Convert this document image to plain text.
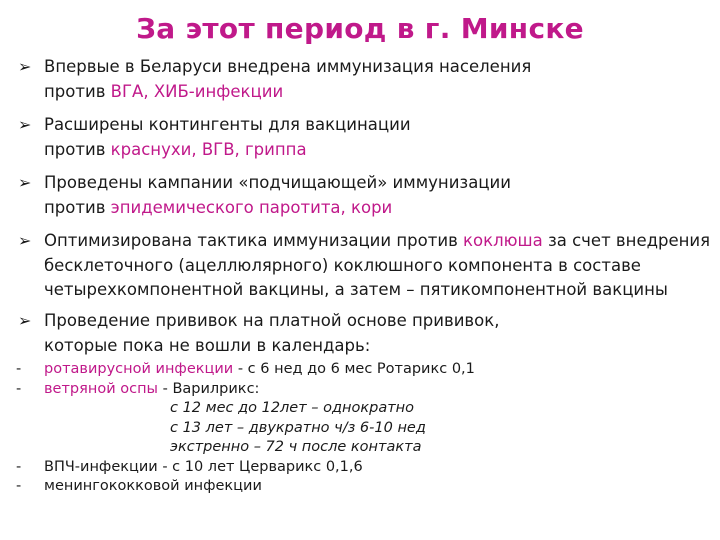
За этот период в г. Минске
➢ Впервые в Беларуси внедрена иммунизация населения
против ВГА, ХИБ-инфекции
➢ Расширены контингенты для вакцинации
против краснухи, ВГВ, гриппа
➢ Проведены кампании «подчищающей» иммунизации
против эпидемического паротита, кори
➢ Оптимизирована тактика иммунизации против коклюша за счет внедрения
бесклеточного (ацеллюлярного) коклюшного компонента в составе
четырехкомпонентной вакцины, а затем – пятикомпонентной вакцины
➢ Проведение прививок на платной основе прививок,
которые пока не вошли в календарь:
- ротавирусной инфекции - с 6 нед до 6 мес Ротарикс 0,1
- ветряной оспы - Варилрикс:
с 12 мес до 12лет – однократно
с 13 лет – двукратно ч/з 6-10 нед
экстренно – 72 ч после контакта
- ВПЧ-инфекции - с 10 лет Церварикс 0,1,6
- менингококковой инфекции
